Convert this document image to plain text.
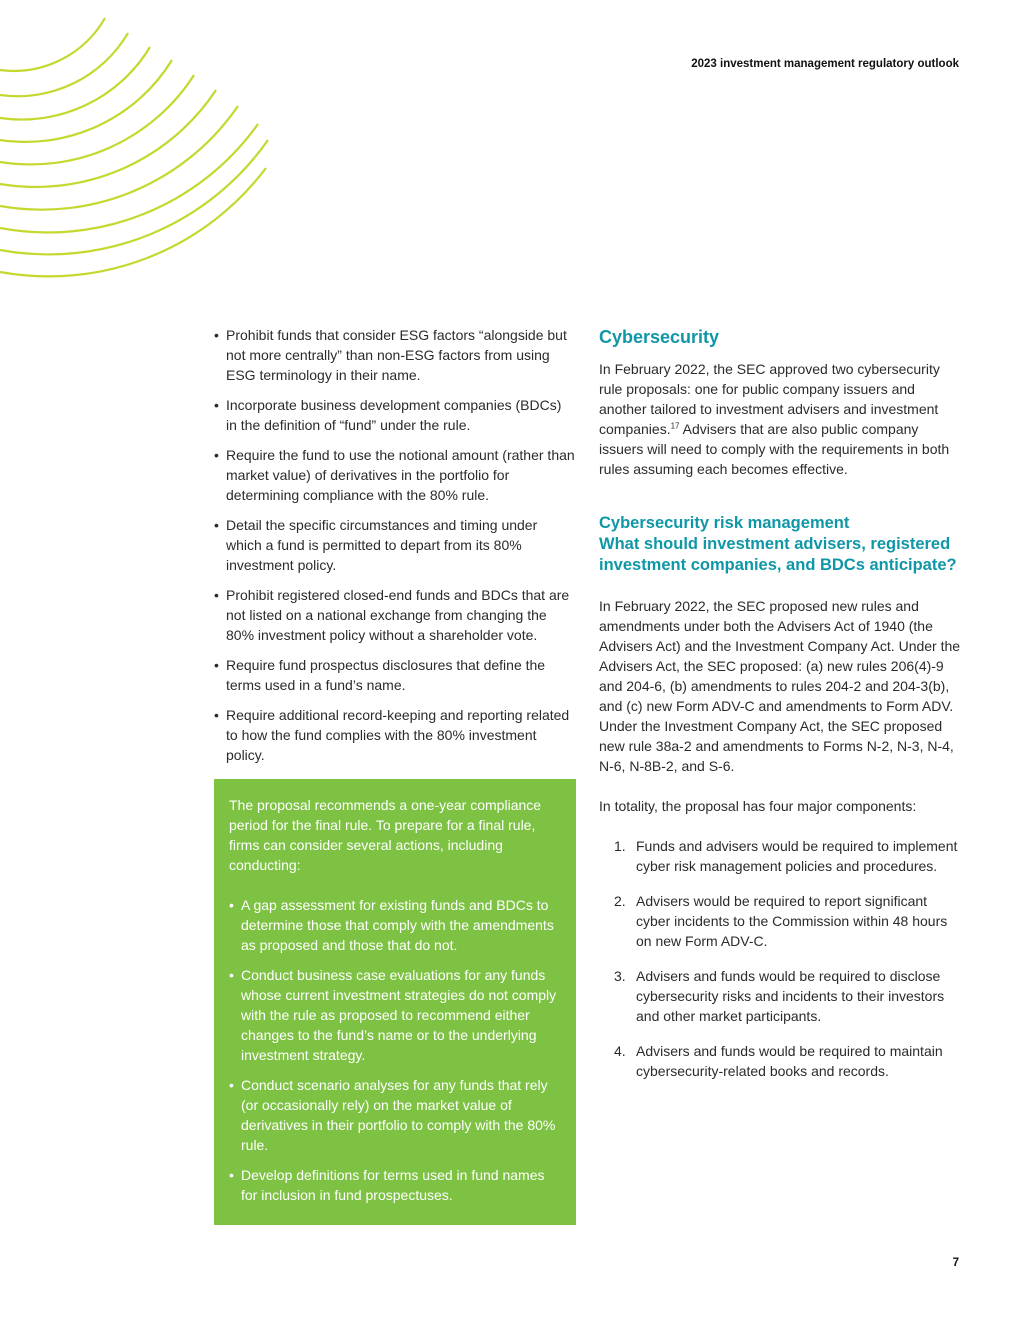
2023 investment management regulatory outlook
• Prohibit funds that consider ESG factors “alongside but not more centrally” than non-ESG factors from using ESG terminology in their name.
• Incorporate business development companies (BDCs) in the definition of “fund” under the rule.
• Require the fund to use the notional amount (rather than market value) of derivatives in the portfolio for determining compliance with the 80% rule.
• Detail the specific circumstances and timing under which a fund is permitted to depart from its 80% investment policy.
• Prohibit registered closed-end funds and BDCs that are not listed on a national exchange from changing the 80% investment policy without a shareholder vote.
• Require fund prospectus disclosures that define the terms used in a fund’s name.
• Require additional record-keeping and reporting related to how the fund complies with the 80% investment policy.

The proposal recommends a one-year compliance period for the final rule. To prepare for a final rule, firms can consider several actions, including conducting:

• A gap assessment for existing funds and BDCs to determine those that comply with the amendments as proposed and those that do not.
• Conduct business case evaluations for any funds whose current investment strategies do not comply with the rule as proposed to recommend either changes to the fund’s name or to the underlying investment strategy.
• Conduct scenario analyses for any funds that rely (or occasionally rely) on the market value of derivatives in their portfolio to comply with the 80% rule.
• Develop definitions for terms used in fund names for inclusion in fund prospectuses.
Cybersecurity

In February 2022, the SEC approved two cybersecurity rule proposals: one for public company issuers and another tailored to investment advisers and investment companies.$^{17}$ Advisers that are also public company issuers will need to comply with the requirements in both rules assuming each becomes effective.

Cybersecurity risk management
What should investment advisers, registered investment companies, and BDCs anticipate?

In February 2022, the SEC proposed new rules and amendments under both the Advisers Act of 1940 (the Advisers Act) and the Investment Company Act. Under the Advisers Act, the SEC proposed: (a) new rules 206(4)-9 and 204-6, (b) amendments to rules 204-2 and 204-3(b), and (c) new Form ADV-C and amendments to Form ADV. Under the Investment Company Act, the SEC proposed new rule 38a-2 and amendments to Forms N-2, N-3, N-4, N-6, N-8B-2, and S-6.

In totality, the proposal has four major components:

1. Funds and advisers would be required to implement cyber risk management policies and procedures.
2. Advisers would be required to report significant cyber incidents to the Commission within 48 hours on new Form ADV-C.
3. Advisers and funds would be required to disclose cybersecurity risks and incidents to their investors and other market participants.
4. Advisers and funds would be required to maintain cybersecurity-related books and records.
7
